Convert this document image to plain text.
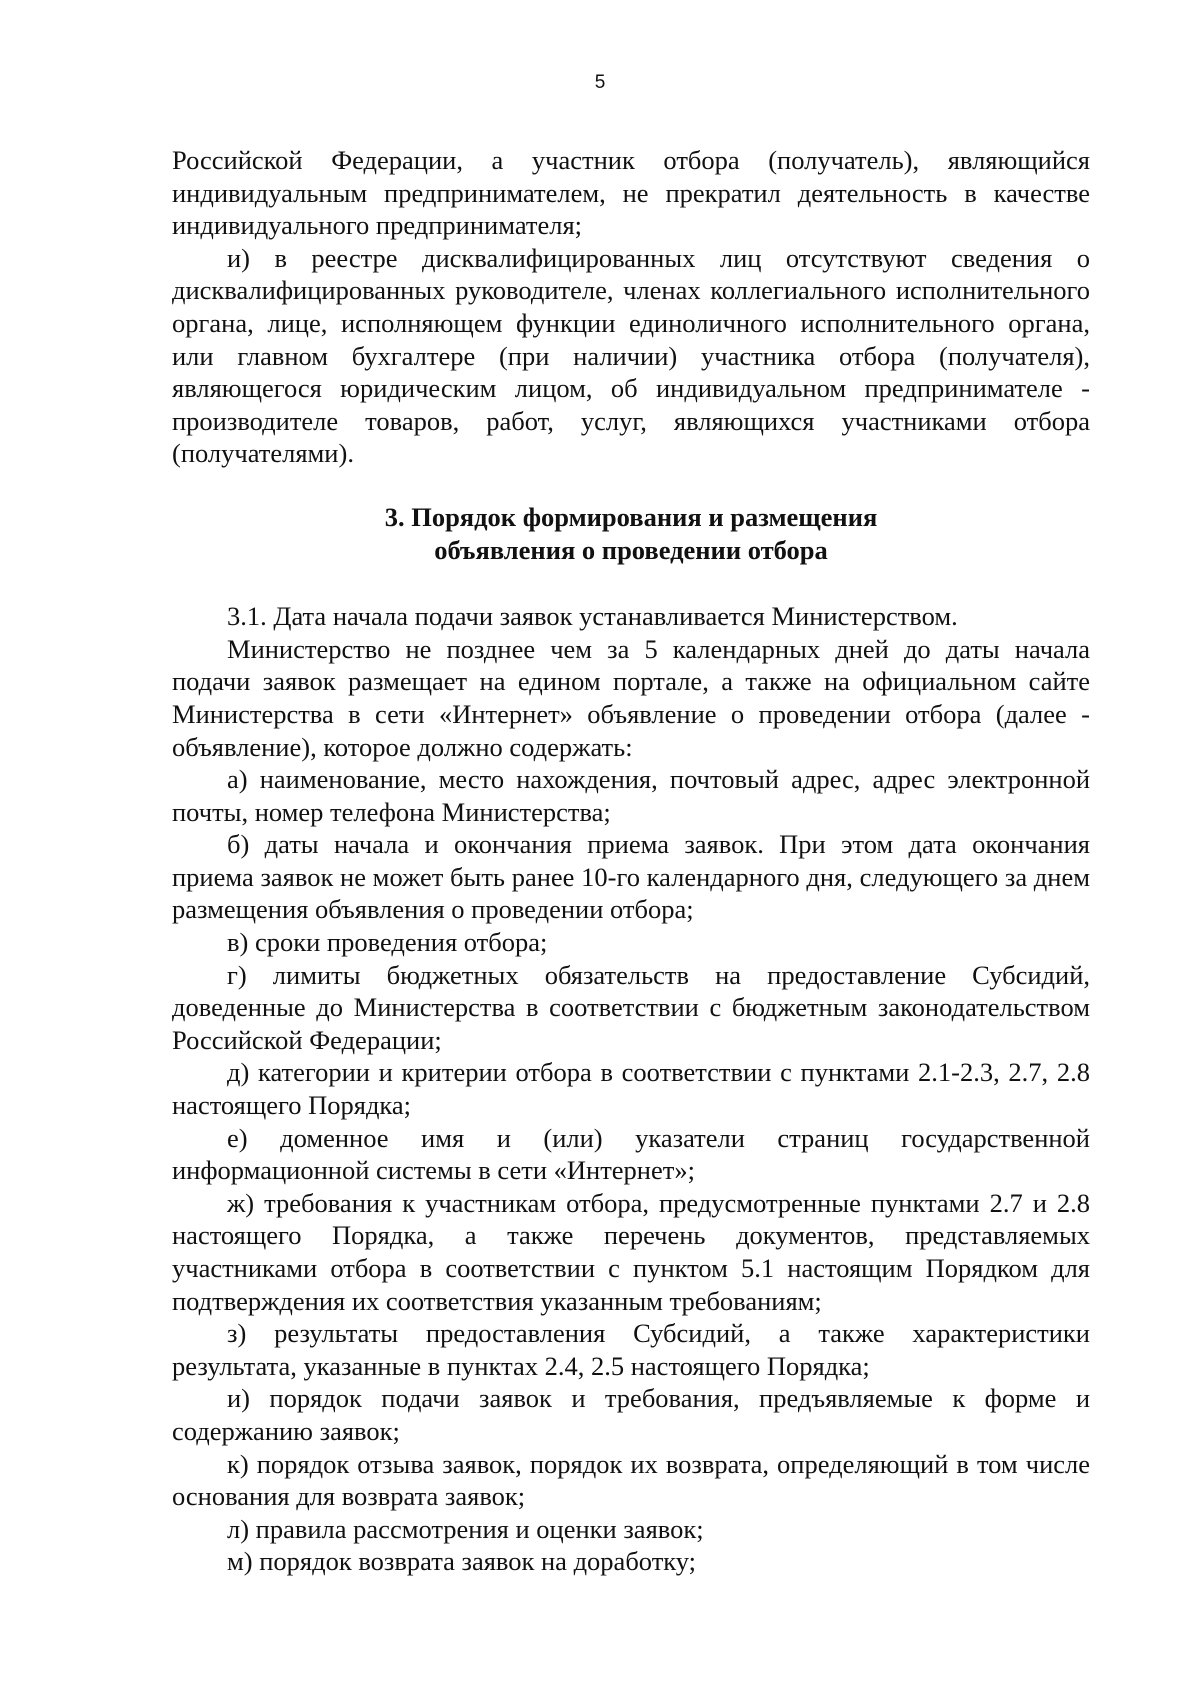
5

Российской Федерации, а участник отбора (получатель), являющийся индивидуальным предпринимателем, не прекратил деятельность в качестве индивидуального предпринимателя;

и) в реестре дисквалифицированных лиц отсутствуют сведения о дисквалифицированных руководителе, членах коллегиального исполнительного органа, лице, исполняющем функции единоличного исполнительного органа, или главном бухгалтере (при наличии) участника отбора (получателя), являющегося юридическим лицом, об индивидуальном предпринимателе - производителе товаров, работ, услуг, являющихся участниками отбора (получателями).

3. Порядок формирования и размещения
объявления о проведении отбора

3.1. Дата начала подачи заявок устанавливается Министерством.

Министерство не позднее чем за 5 календарных дней до даты начала подачи заявок размещает на едином портале, а также на официальном сайте Министерства в сети «Интернет» объявление о проведении отбора (далее - объявление), которое должно содержать:

а) наименование, место нахождения, почтовый адрес, адрес электронной почты, номер телефона Министерства;

б) даты начала и окончания приема заявок. При этом дата окончания приема заявок не может быть ранее 10-го календарного дня, следующего за днем размещения объявления о проведении отбора;

в) сроки проведения отбора;

г) лимиты бюджетных обязательств на предоставление Субсидий, доведенные до Министерства в соответствии с бюджетным законодательством Российской Федерации;

д) категории и критерии отбора в соответствии с пунктами 2.1-2.3, 2.7, 2.8 настоящего Порядка;

е) доменное имя и (или) указатели страниц государственной информационной системы в сети «Интернет»;

ж) требования к участникам отбора, предусмотренные пунктами 2.7 и 2.8 настоящего Порядка, а также перечень документов, представляемых участниками отбора в соответствии с пунктом 5.1 настоящим Порядком для подтверждения их соответствия указанным требованиям;

з) результаты предоставления Субсидий, а также характеристики результата, указанные в пунктах 2.4, 2.5 настоящего Порядка;

и) порядок подачи заявок и требования, предъявляемые к форме и содержанию заявок;

к) порядок отзыва заявок, порядок их возврата, определяющий в том числе основания для возврата заявок;

л) правила рассмотрения и оценки заявок;

м) порядок возврата заявок на доработку;
